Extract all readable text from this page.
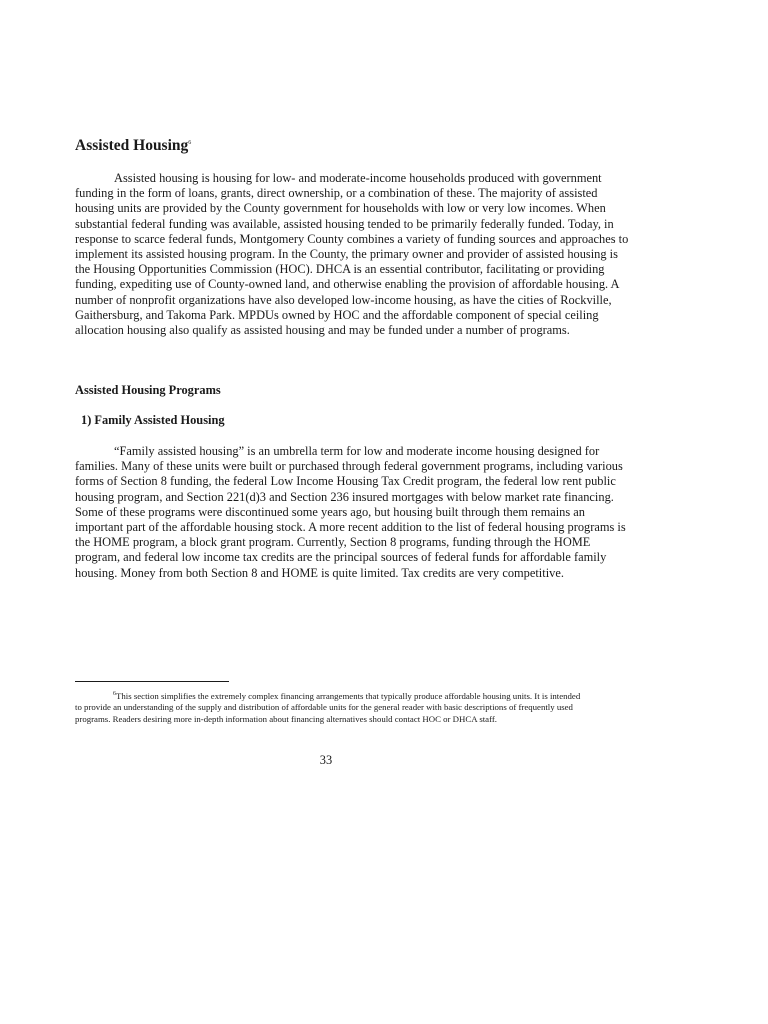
Assisted Housing$^6$

Assisted housing is housing for low- and moderate-income households produced with government funding in the form of loans, grants, direct ownership, or a combination of these. The majority of assisted housing units are provided by the County government for households with low or very low incomes. When substantial federal funding was available, assisted housing tended to be primarily federally funded. Today, in response to scarce federal funds, Montgomery County combines a variety of funding sources and approaches to implement its assisted housing program. In the County, the primary owner and provider of assisted housing is the Housing Opportunities Commission (HOC). DHCA is an essential contributor, facilitating or providing funding, expediting use of County-owned land, and otherwise enabling the provision of affordable housing. A number of nonprofit organizations have also developed low-income housing, as have the cities of Rockville, Gaithersburg, and Takoma Park. MPDUs owned by HOC and the affordable component of special ceiling allocation housing also qualify as assisted housing and may be funded under a number of programs.

Assisted Housing Programs
1) Family Assisted Housing

“Family assisted housing” is an umbrella term for low and moderate income housing designed for families. Many of these units were built or purchased through federal government programs, including various forms of Section 8 funding, the federal Low Income Housing Tax Credit program, the federal low rent public housing program, and Section 221(d)3 and Section 236 insured mortgages with below market rate financing. Some of these programs were discontinued some years ago, but housing built through them remains an important part of the affordable housing stock. A more recent addition to the list of federal housing programs is the HOME program, a block grant program. Currently, Section 8 programs, funding through the HOME program, and federal low income tax credits are the principal sources of federal funds for affordable family housing. Money from both Section 8 and HOME is quite limited. Tax credits are very competitive.

$^6$This section simplifies the extremely complex financing arrangements that typically produce affordable housing units. It is intended to provide an understanding of the supply and distribution of affordable units for the general reader with basic descriptions of frequently used programs. Readers desiring more in-depth information about financing alternatives should contact HOC or DHCA staff.

33
